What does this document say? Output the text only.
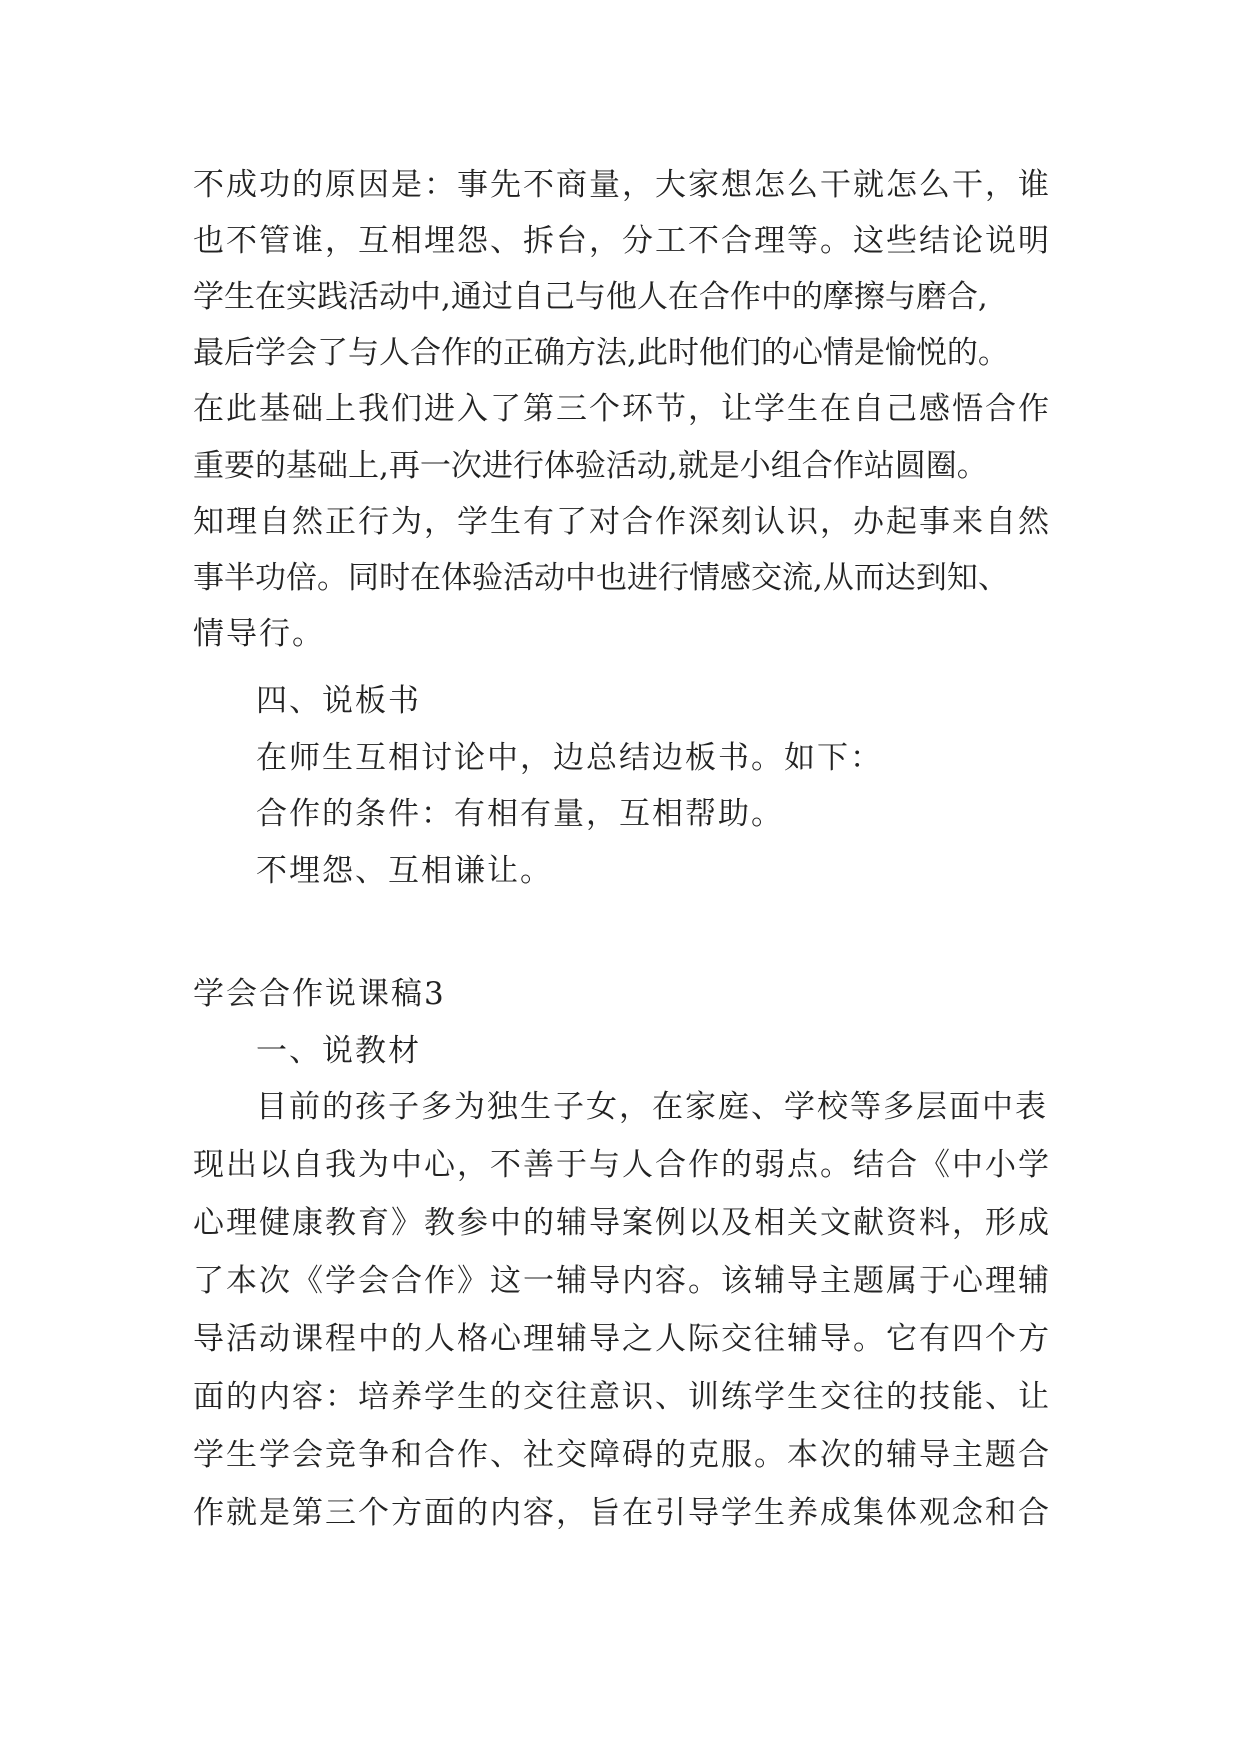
不成功的原因是：事先不商量，大家想怎么干就怎么干，谁
也不管谁，互相埋怨、拆台，分工不合理等。这些结论说明
学生在实践活动中,通过自己与他人在合作中的摩擦与磨合,
最后学会了与人合作的正确方法,此时他们的心情是愉悦的。
在此基础上我们进入了第三个环节，让学生在自己感悟合作
重要的基础上,再一次进行体验活动,就是小组合作站圆圈。
知理自然正行为，学生有了对合作深刻认识，办起事来自然
事半功倍。同时在体验活动中也进行情感交流,从而达到知、
情导行。
四、说板书
在师生互相讨论中，边总结边板书。如下：
合作的条件：有相有量，互相帮助。
不埋怨、互相谦让。
学会合作说课稿3
一、说教材
目前的孩子多为独生子女，在家庭、学校等多层面中表
现出以自我为中心，不善于与人合作的弱点。结合《中小学
心理健康教育》教参中的辅导案例以及相关文献资料，形成
了本次《学会合作》这一辅导内容。该辅导主题属于心理辅
导活动课程中的人格心理辅导之人际交往辅导。它有四个方
面的内容：培养学生的交往意识、训练学生交往的技能、让
学生学会竞争和合作、社交障碍的克服。本次的辅导主题合
作就是第三个方面的内容，旨在引导学生养成集体观念和合
